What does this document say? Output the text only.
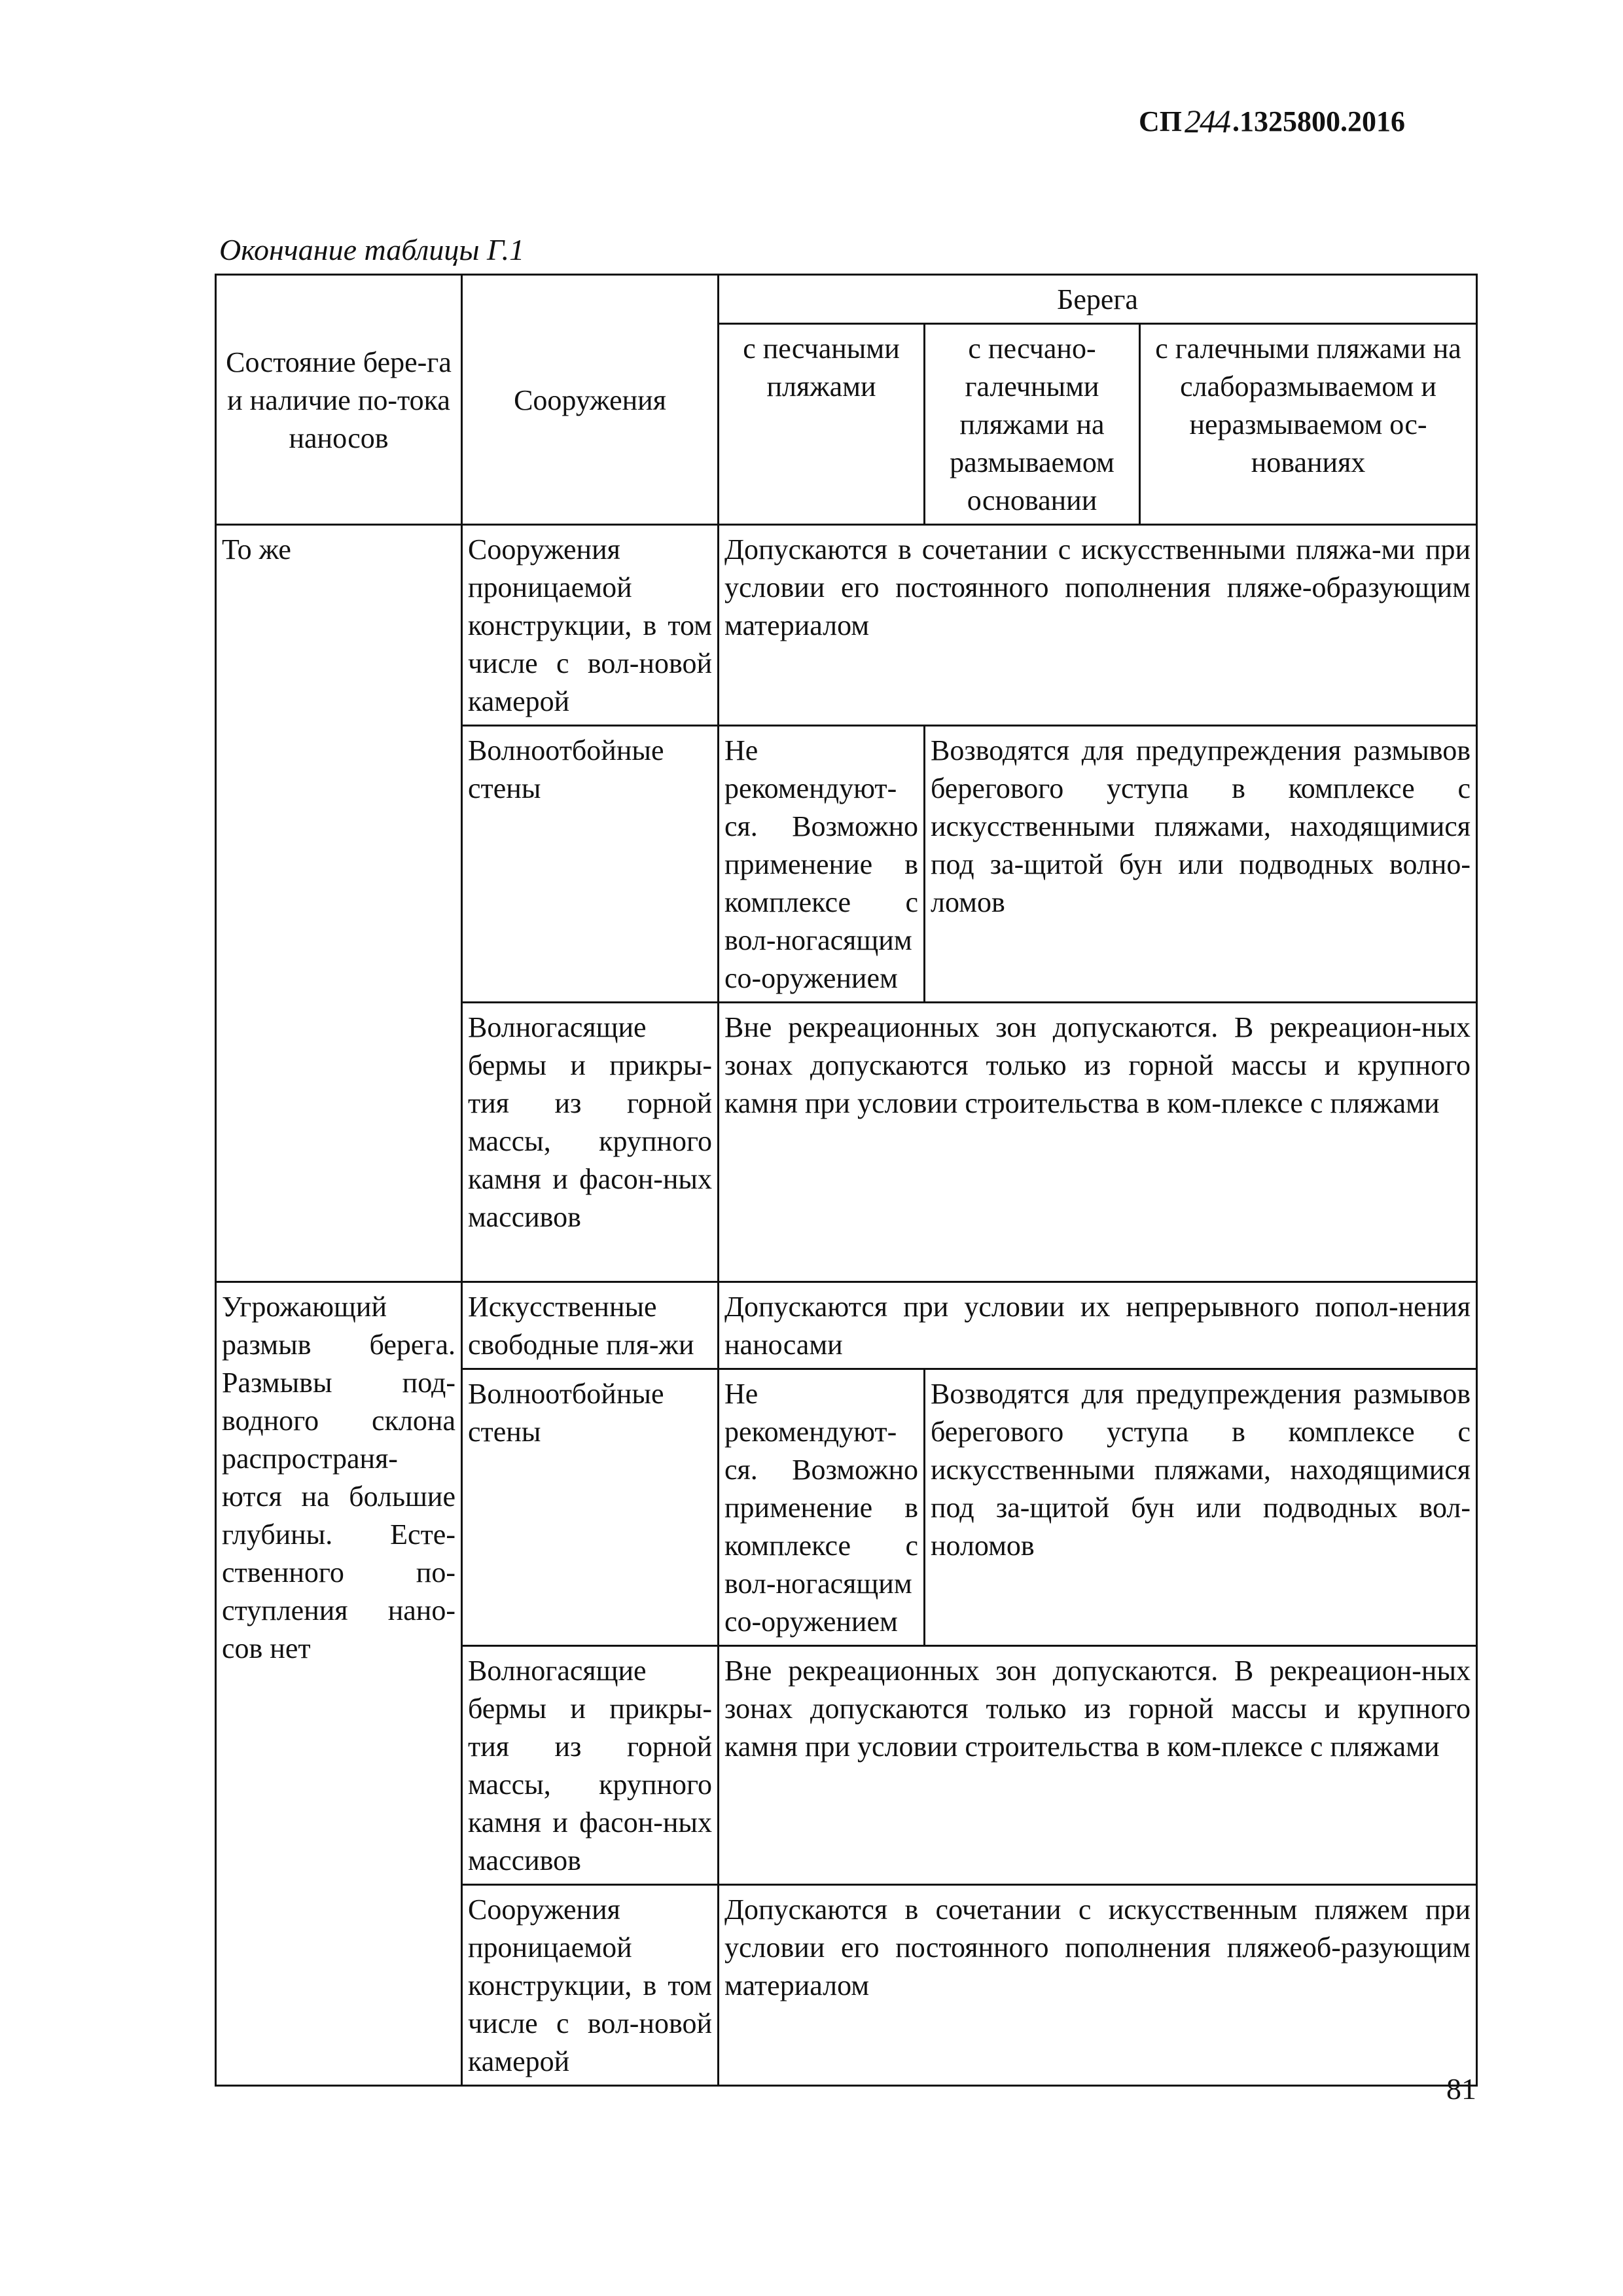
СП 244 .1325800.2016
Окончание таблицы Г.1
Состояние бере-га и наличие по-тока наносов	Сооружения	Берега		
		с песчаными пляжами	с песчано-галечными пляжами на размываемом основании	с галечными пляжами на слаборазмываемом и неразмываемом ос-нованиях
То же	Сооружения проницаемой конструкции, в том числе с вол-новой камерой	Допускаются в сочетании с искусственными пляжа-ми при условии его постоянного пополнения пляже-образующим материалом		
	Волноотбойные стены	Не рекомендуют-ся. Возможно применение в комплексе с вол-ногасящим со-оружением	Возводятся для предупреждения размывов берегового уступа в комплексе с искусственными пляжами, находящимися под за-щитой бун или подводных волно-ломов	
	Волногасящие бермы и прикры-тия из горной массы, крупного камня и фасон-ных массивов	Вне рекреационных зон допускаются. В рекреацион-ных зонах допускаются только из горной массы и крупного камня при условии строительства в ком-плексе с пляжами		
Угрожающий размыв берега. Размывы под-водного склона распространя-ются на большие глубины. Есте-ственного по-ступления нано-сов нет	Искусственные свободные пля-жи	Допускаются при условии их непрерывного попол-нения наносами		
	Волноотбойные стены	Не рекомендуют-ся. Возможно применение в комплексе с вол-ногасящим со-оружением	Возводятся для предупреждения размывов берегового уступа в комплексе с искусственными пляжами, находящимися под за-щитой бун или подводных вол-ноломов	
	Волногасящие бермы и прикры-тия из горной массы, крупного камня и фасон-ных массивов	Вне рекреационных зон допускаются. В рекреацион-ных зонах допускаются только из горной массы и крупного камня при условии строительства в ком-плексе с пляжами		
	Сооружения проницаемой конструкции, в том числе с вол-новой камерой	Допускаются в сочетании с искусственным пляжем при условии его постоянного пополнения пляжеоб-разующим материалом		
81
